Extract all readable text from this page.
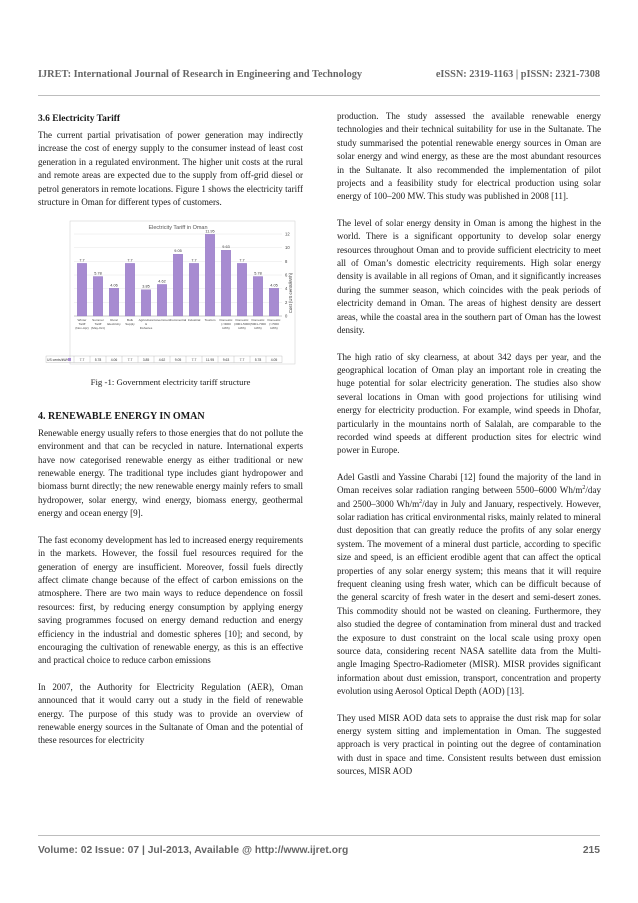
IJRET: International Journal of Research in Engineering and Technology	eISSN: 2319-1163 | pISSN: 2321-7308
3.6 Electricity Tariff

The current partial privatisation of power generation may indirectly increase the cost of energy supply to the consumer instead of least cost generation in a regulated environment. The higher unit costs at the rural and remote areas are expected due to the supply from off-grid diesel or petrol generators in remote locations. Figure 1 shows the electricity tariff structure in Oman for different types of customers.

Electricity Tariff in Oman
7.7
5.78
4.06
7.7
3.85
4.62
9.05
7.7
11.95
9.63
7.7
5.78
4.05
0
2
4
6
8
10
12
Cost (US cents/kWh)
Winter Tariff (Nov-Apr)
Summer Tariff (May-Oct)
Rural Electricity
Bulk Supply
Agriculture & Fisheries
Government Commercial Industrial Tourism Domestic (<3000 kWh)
Domestic (3001-5000 kWh)
Domestic (5001-7000 kWh)
Domestic (>7000 kWh)
US cents/kWh	7.7	5.78	4.06	7.7	3.85	4.62	9.05	7.7	11.95	9.63	7.7	5.78	4.05
Fig -1: Government electricity tariff structure
4. RENEWABLE ENERGY IN OMAN

Renewable energy usually refers to those energies that do not pollute the environment and that can be recycled in nature. International experts have now categorised renewable energy as either traditional or new renewable energy. The traditional type includes giant hydropower and biomass burnt directly; the new renewable energy mainly refers to small hydropower, solar energy, wind energy, biomass energy, geothermal energy and ocean energy [9].

The fast economy development has led to increased energy requirements in the markets. However, the fossil fuel resources required for the generation of energy are insufficient. Moreover, fossil fuels directly affect climate change because of the effect of carbon emissions on the atmosphere. There are two main ways to reduce dependence on fossil resources: first, by reducing energy consumption by applying energy saving programmes focused on energy demand reduction and energy efficiency in the industrial and domestic spheres [10]; and second, by encouraging the cultivation of renewable energy, as this is an effective and practical choice to reduce carbon emissions

In 2007, the Authority for Electricity Regulation (AER), Oman announced that it would carry out a study in the field of renewable energy. The purpose of this study was to provide an overview of renewable energy sources in the Sultanate of Oman and the potential of these resources for electricity

production. The study assessed the available renewable energy technologies and their technical suitability for use in the Sultanate. The study summarised the potential renewable energy sources in Oman are solar energy and wind energy, as these are the most abundant resources in the Sultanate. It also recommended the implementation of pilot projects and a feasibility study for electrical production using solar energy of 100–200 MW. This study was published in 2008 [11].

The level of solar energy density in Oman is among the highest in the world. There is a significant opportunity to develop solar energy resources throughout Oman and to provide sufficient electricity to meet all of Oman’s domestic electricity requirements. High solar energy density is available in all regions of Oman, and it significantly increases during the summer season, which coincides with the peak periods of electricity demand in Oman. The areas of highest density are dessert areas, while the coastal area in the southern part of Oman has the lowest density.

The high ratio of sky clearness, at about 342 days per year, and the geographical location of Oman play an important role in creating the huge potential for solar electricity generation. The studies also show several locations in Oman with good projections for utilising wind energy for electricity production. For example, wind speeds in Dhofar, particularly in the mountains north of Salalah, are comparable to the recorded wind speeds at different production sites for electric wind power in Europe.

Adel Gastli and Yassine Charabi [12] found the majority of the land in Oman receives solar radiation ranging between 5500–6000 $Wh/m^2$/day and 2500–3000 $Wh/m^2$/day in July and January, respectively. However, solar radiation has critical environmental risks, mainly related to mineral dust deposition that can greatly reduce the profits of any solar energy system. The movement of a mineral dust particle, according to specific size and speed, is an efficient erodible agent that can affect the optical properties of any solar energy system; this means that it will require frequent cleaning using fresh water, which can be difficult because of the general scarcity of fresh water in the desert and semi-desert zones. This commodity should not be wasted on cleaning. Furthermore, they also studied the degree of contamination from mineral dust and tracked the exposure to dust constraint on the local scale using proxy open source data, considering recent NASA satellite data from the Multi-angle Imaging Spectro-Radiometer (MISR). MISR provides significant information about dust emission, transport, concentration and property evolution using Aerosol Optical Depth (AOD) [13].

They used MISR AOD data sets to appraise the dust risk map for solar energy system sitting and implementation in Oman. The suggested approach is very practical in pointing out the degree of contamination with dust in space and time. Consistent results between dust emission sources, MISR AOD

Volume: 02 Issue: 07 | Jul-2013, Available @ http://www.ijret.org	215
